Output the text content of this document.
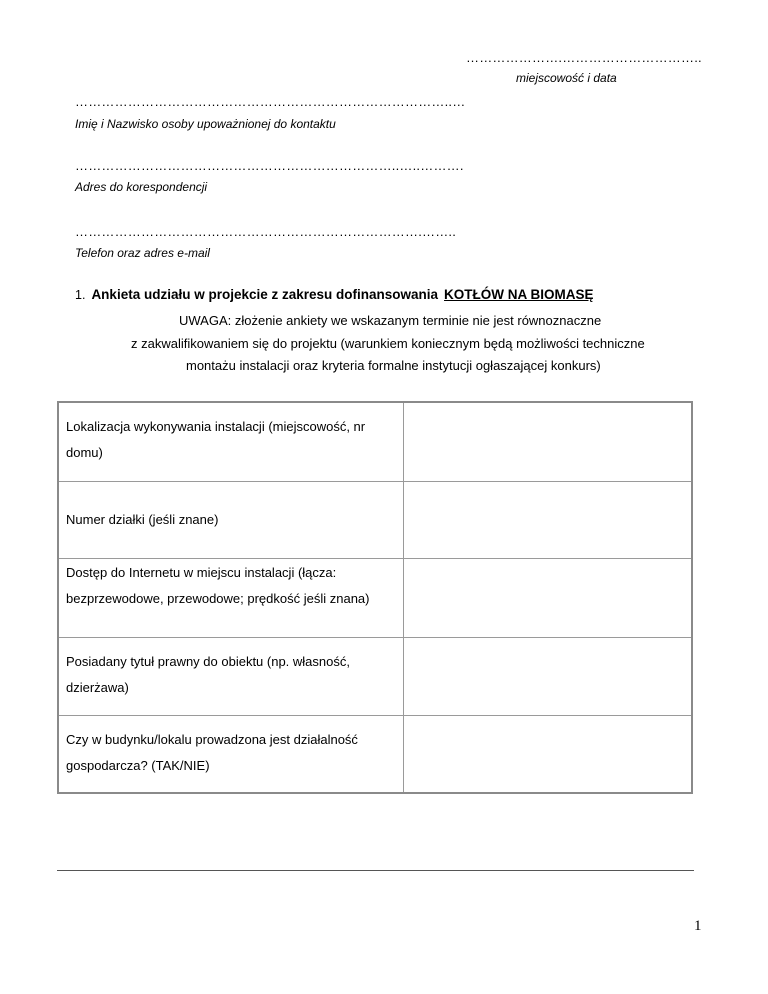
………………….…………………………..
miejscowość i data
…………………………………………………………………………..…
Imię i Nazwisko osoby upoważnionej do kontaktu
………………………………………………………………..…..……….
Adres do korespondencji
…………………………………………………………………….……..
Telefon oraz adres e-mail
1. Ankieta udziału w projekcie z zakresu dofinansowania KOTŁÓW NA BIOMASĘ
UWAGA: złożenie ankiety we wskazanym terminie nie jest równoznaczne
z zakwalifikowaniem się do projektu (warunkiem koniecznym będą możliwości techniczne
montażu instalacji oraz kryteria formalne instytucji ogłaszającej konkurs)
Lokalizacja wykonywania instalacji (miejscowość, nr domu)	
Numer działki (jeśli znane)	
Dostęp do Internetu w miejscu instalacji (łącza: bezprzewodowe, przewodowe; prędkość jeśli znana)	
Posiadany tytuł prawny do obiektu (np. własność, dzierżawa)	
Czy w budynku/lokalu prowadzona jest działalność gospodarcza? (TAK/NIE)	
1
